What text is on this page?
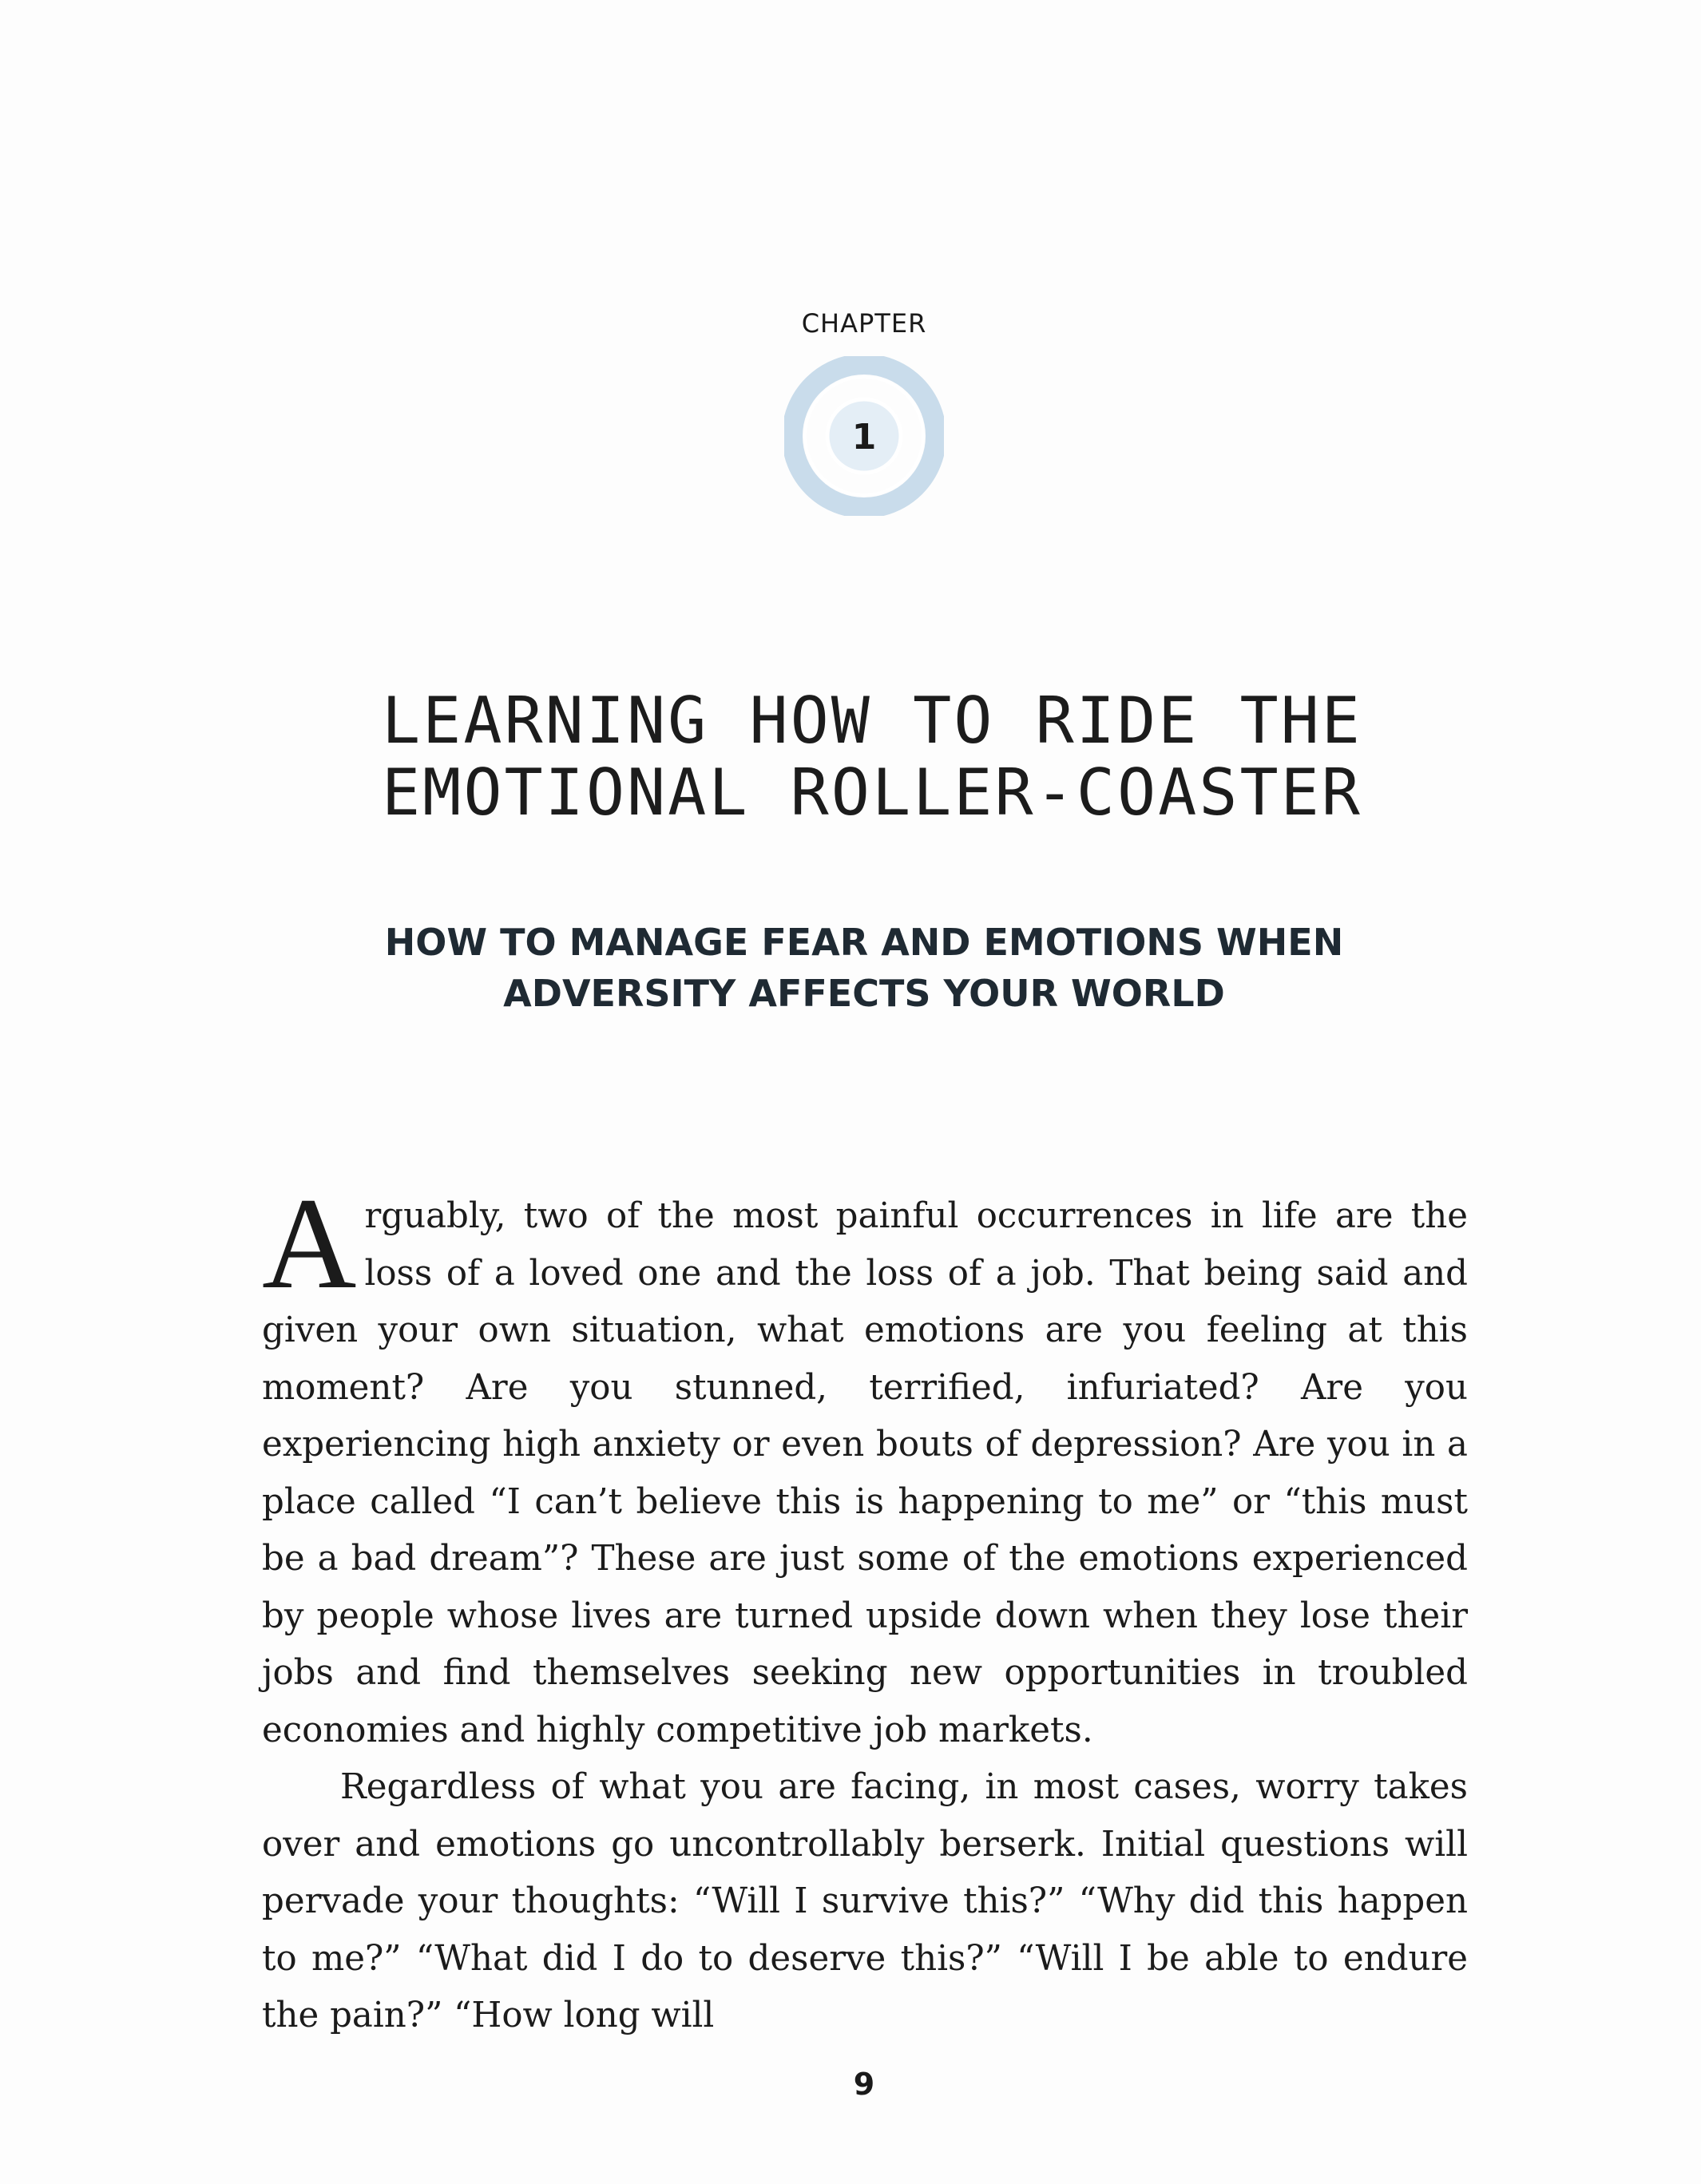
CHAPTER
1
LEARNING HOW TO RIDE THE
EMOTIONAL ROLLER-COASTER
HOW TO MANAGE FEAR AND EMOTIONS WHEN
ADVERSITY AFFECTS YOUR WORLD

Arguably, two of the most painful occurrences in life are the loss of a loved one and the loss of a job. That being said and given your own situation, what emotions are you feeling at this moment? Are you stunned, terrified, infuriated? Are you experiencing high anxiety or even bouts of depression? Are you in a place called “I can’t believe this is happening to me” or “this must be a bad dream”? These are just some of the emotions experienced by people whose lives are turned upside down when they lose their jobs and find themselves seeking new opportunities in troubled economies and highly competitive job markets.

Regardless of what you are facing, in most cases, worry takes over and emotions go uncontrollably berserk. Initial questions will pervade your thoughts: “Will I survive this?” “Why did this happen to me?” “What did I do to deserve this?” “Will I be able to endure the pain?” “How long will

9
